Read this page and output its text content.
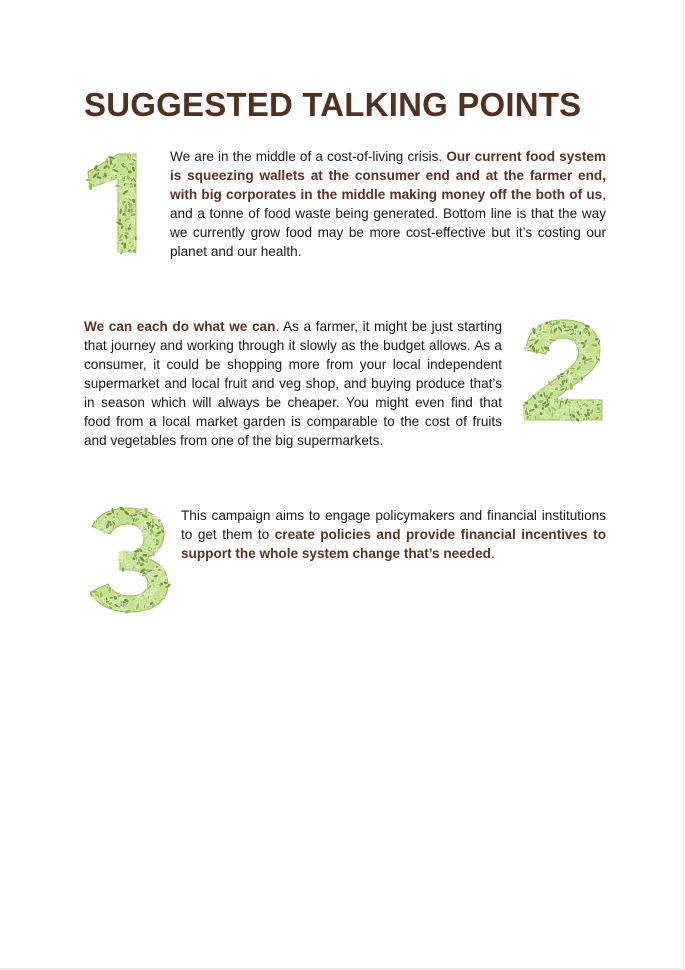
SUGGESTED TALKING POINTS

We are in the middle of a cost-of-living crisis. Our current food system is squeezing wallets at the consumer end and at the farmer end, with big corporates in the middle making money off the both of us, and a tonne of food waste being generated. Bottom line is that the way we currently grow food may be more cost-effective but it’s costing our planet and our health.

We can each do what we can. As a farmer, it might be just starting that journey and working through it slowly as the budget allows. As a consumer, it could be shopping more from your local independent supermarket and local fruit and veg shop, and buying produce that’s in season which will always be cheaper. You might even find that food from a local market garden is comparable to the cost of fruits and vegetables from one of the big supermarkets.

This campaign aims to engage policymakers and financial institutions to get them to create policies and provide financial incentives to support the whole system change that’s needed.
